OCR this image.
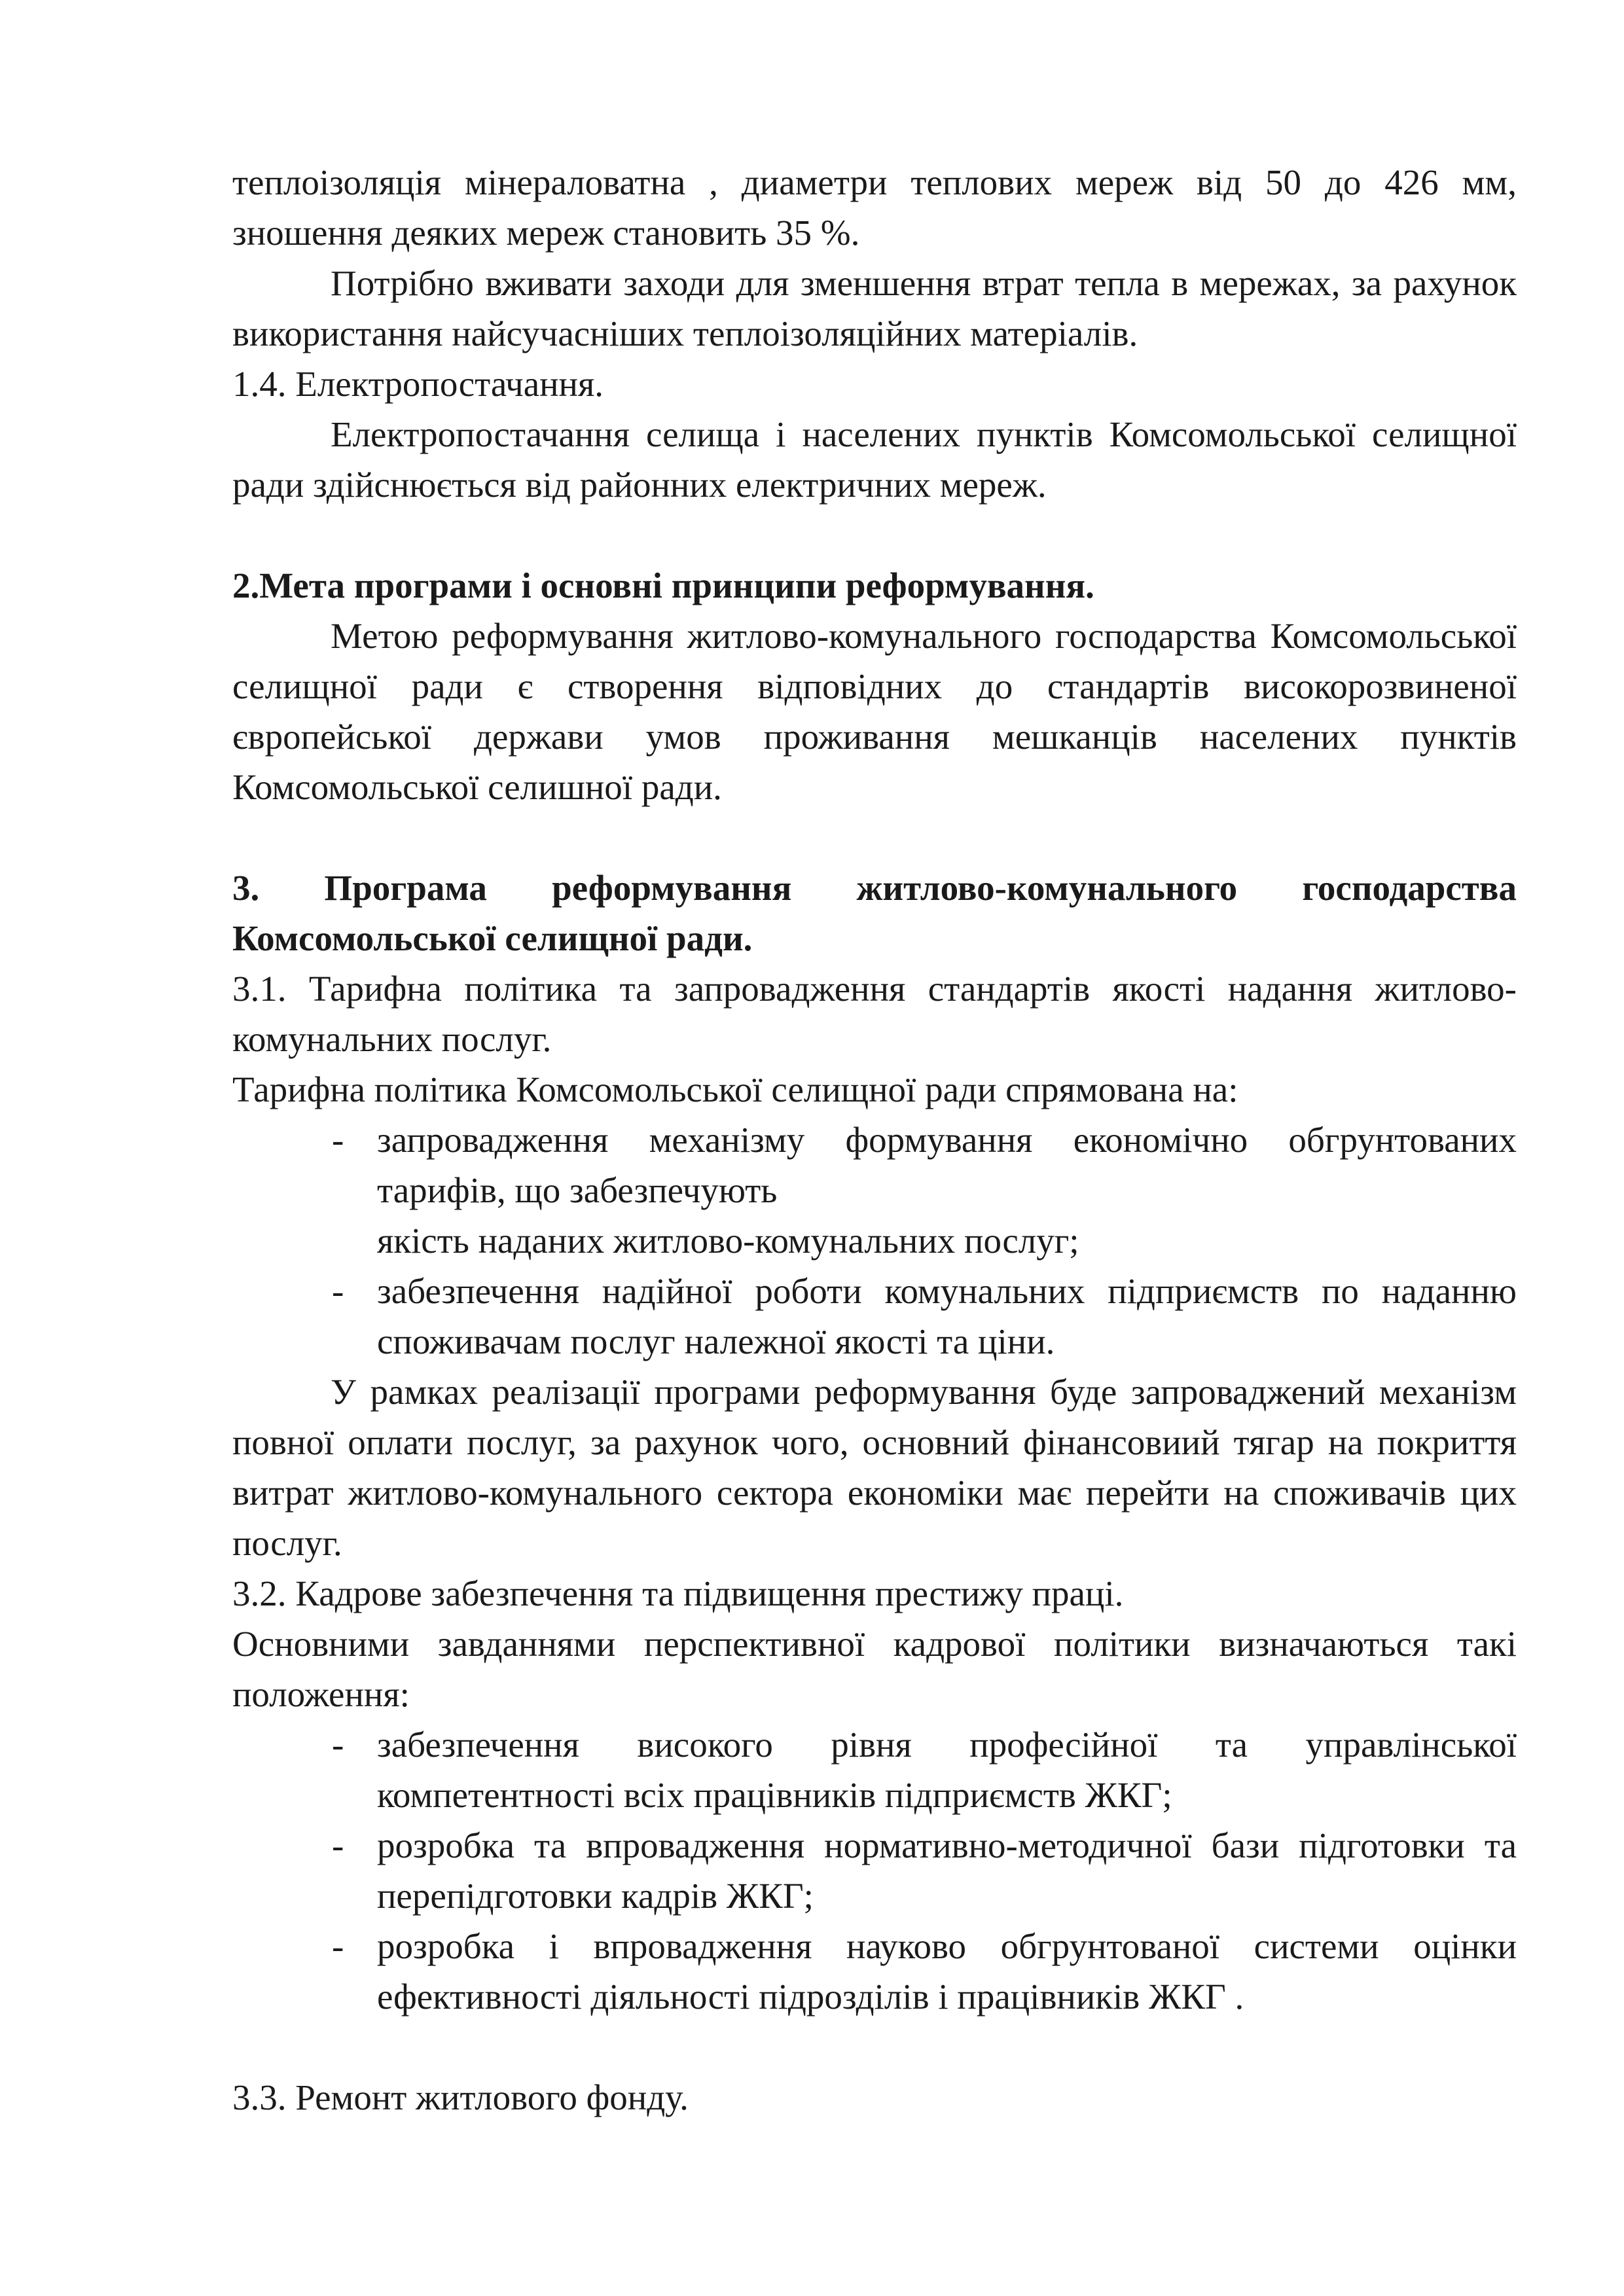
теплоізоляція мінераловатна , диаметри теплових мереж від 50 до 426 мм, зношення деяких мереж становить 35 %.

Потрібно вживати заходи для зменшення втрат тепла в мережах, за рахунок використання найсучасніших теплоізоляційних матеріалів.

1.4. Електропостачання.

Електропостачання селища і населених пунктів Комсомольської селищної ради здійснюється від районних електричних мереж.

2.Мета програми і основні принципи реформування.

Метою реформування житлово-комунального господарства Комсомольської селищної ради є створення відповідних до стандартів високорозвиненої європейської держави умов проживання мешканців населених пунктів Комсомольської селишної ради.

3. Програма реформування житлово-комунального господарства Комсомольської селищної ради.

3.1. Тарифна політика та запровадження стандартів якості надання житлово-комунальних послуг.

Тарифна політика Комсомольської селищної ради спрямована на:

- запровадження механізму формування економічно обгрунтованих тарифів, що забезпечують
якість наданих житлово-комунальних послуг;
- забезпечення надійної роботи комунальних підприємств по наданню споживачам послуг належної якості та ціни.

У рамках реалізації програми реформування буде запроваджений механізм повної оплати послуг, за рахунок чого, основний фінансовиий тягар на покриття витрат житлово-комунального сектора економіки має перейти на споживачів цих послуг.

3.2. Кадрове забезпечення та підвищення престижу праці.

Основними завданнями перспективної кадрової політики визначаються такі положення:

- забезпечення високого рівня професійної та управлінської компетентності всіх працівників підприємств ЖКГ;
- розробка та впровадження нормативно-методичної бази підготовки та перепідготовки кадрів ЖКГ;
- розробка і впровадження науково обгрунтованої системи оцінки ефективності діяльності підрозділів і працівників ЖКГ .

3.3. Ремонт житлового фонду.
